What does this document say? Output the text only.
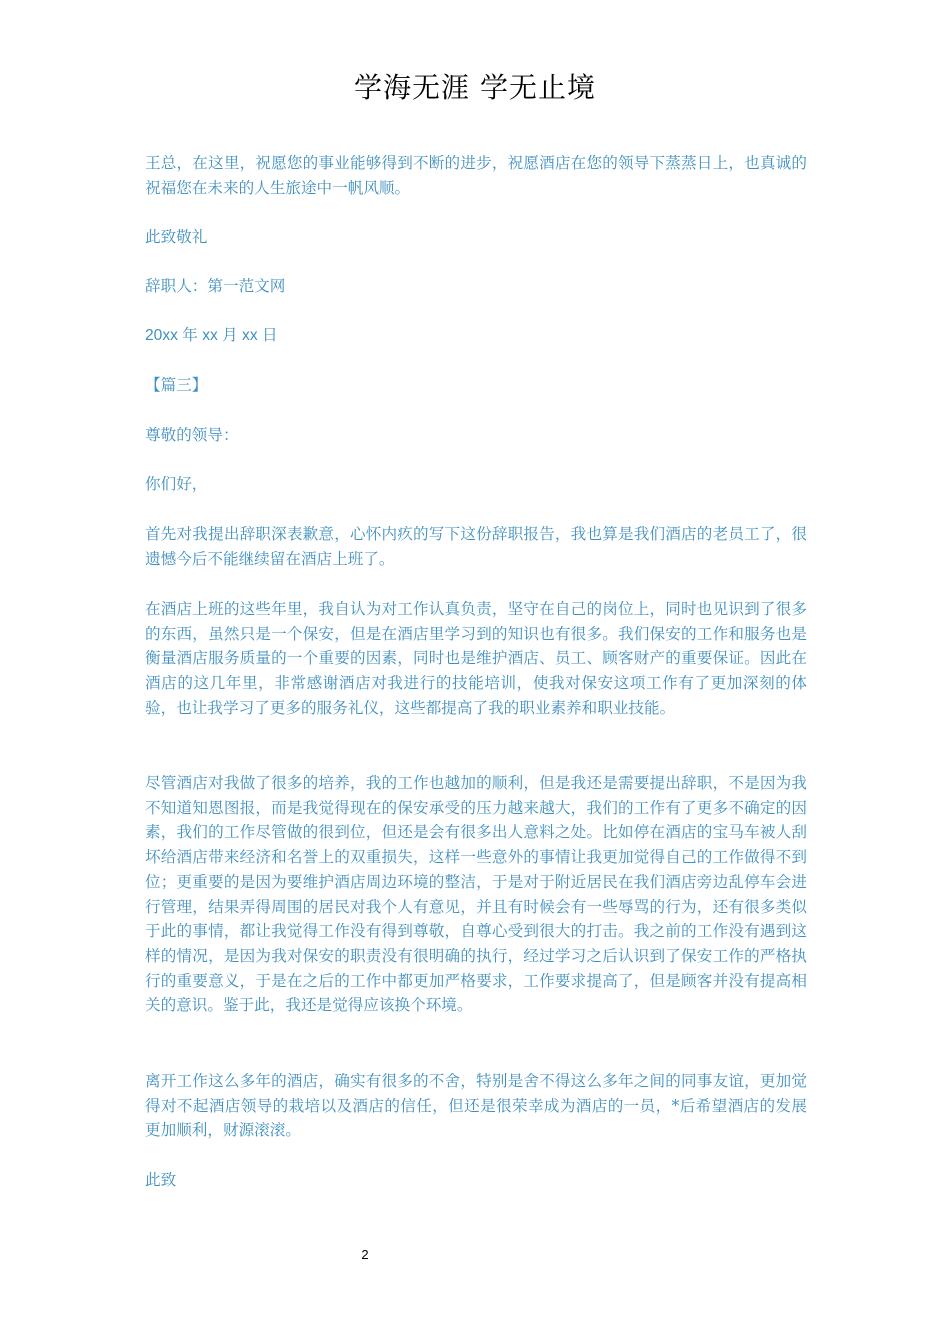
学海无涯 学无止境

王总，在这里，祝愿您的事业能够得到不断的进步，祝愿酒店在您的领导下蒸蒸日上，也真诚的祝福您在未来的人生旅途中一帆风顺。

此致敬礼

辞职人：第一范文网

20xx 年 xx 月 xx 日

【篇三】

尊敬的领导：

你们好，

首先对我提出辞职深表歉意，心怀内疚的写下这份辞职报告，我也算是我们酒店的老员工了，很遗憾今后不能继续留在酒店上班了。

在酒店上班的这些年里，我自认为对工作认真负责，坚守在自己的岗位上，同时也见识到了很多的东西，虽然只是一个保安，但是在酒店里学习到的知识也有很多。我们保安的工作和服务也是衡量酒店服务质量的一个重要的因素，同时也是维护酒店、员工、顾客财产的重要保证。因此在酒店的这几年里，非常感谢酒店对我进行的技能培训，使我对保安这项工作有了更加深刻的体验，也让我学习了更多的服务礼仪，这些都提高了我的职业素养和职业技能。

尽管酒店对我做了很多的培养，我的工作也越加的顺利，但是我还是需要提出辞职，不是因为我不知道知恩图报，而是我觉得现在的保安承受的压力越来越大，我们的工作有了更多不确定的因素，我们的工作尽管做的很到位，但还是会有很多出人意料之处。比如停在酒店的宝马车被人刮坏给酒店带来经济和名誉上的双重损失，这样一些意外的事情让我更加觉得自己的工作做得不到位；更重要的是因为要维护酒店周边环境的整洁，于是对于附近居民在我们酒店旁边乱停车会进行管理，结果弄得周围的居民对我个人有意见，并且有时候会有一些辱骂的行为，还有很多类似于此的事情，都让我觉得工作没有得到尊敬，自尊心受到很大的打击。我之前的工作没有遇到这样的情况，是因为我对保安的职责没有很明确的执行，经过学习之后认识到了保安工作的严格执行的重要意义，于是在之后的工作中都更加严格要求，工作要求提高了，但是顾客并没有提高相关的意识。鉴于此，我还是觉得应该换个环境。

离开工作这么多年的酒店，确实有很多的不舍，特别是舍不得这么多年之间的同事友谊，更加觉得对不起酒店领导的栽培以及酒店的信任，但还是很荣幸成为酒店的一员，*后希望酒店的发展更加顺利，财源滚滚。

此致

2
